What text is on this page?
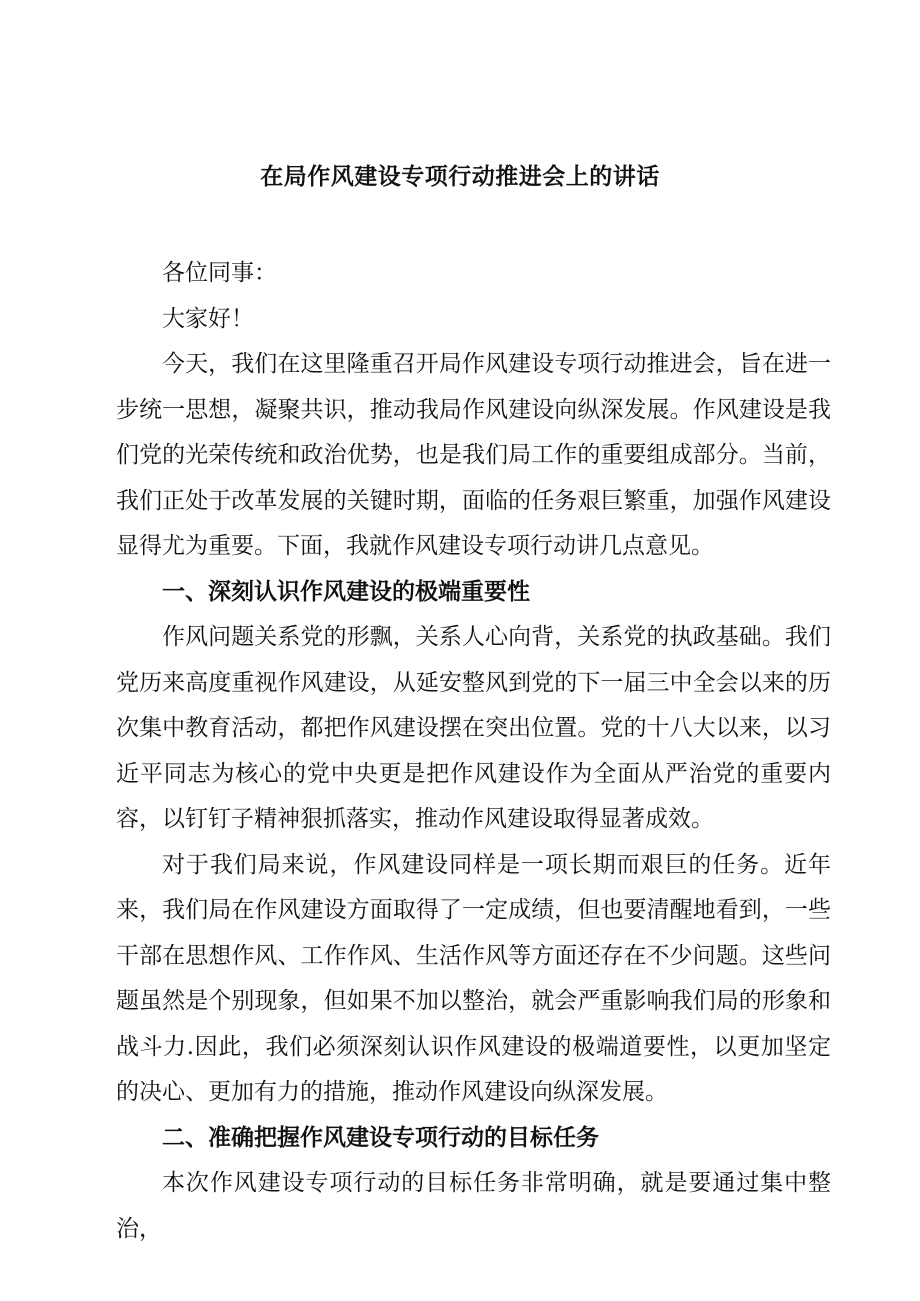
在局作风建设专项行动推进会上的讲话

各位同事：

大家好！

今天，我们在这里隆重召开局作风建设专项行动推进会，旨在进一步统一思想，凝聚共识，推动我局作风建设向纵深发展。作风建设是我们党的光荣传统和政治优势，也是我们局工作的重要组成部分。当前，我们正处于改革发展的关键时期，面临的任务艰巨繁重，加强作风建设显得尤为重要。下面，我就作风建设专项行动讲几点意见。

一、深刻认识作风建设的极端重要性

作风问题关系党的形飘，关系人心向背，关系党的执政基础。我们党历来高度重视作风建设，从延安整风到党的下一届三中全会以来的历次集中教育活动，都把作风建设摆在突出位置。党的十八大以来，以习近平同志为核心的党中央更是把作风建设作为全面从严治党的重要内容，以钉钉子精神狠抓落实，推动作风建设取得显著成效。

对于我们局来说，作风建设同样是一项长期而艰巨的任务。近年来，我们局在作风建设方面取得了一定成绩，但也要清醒地看到，一些干部在思想作风、工作作风、生活作风等方面还存在不少问题。这些问题虽然是个别现象，但如果不加以整治，就会严重影响我们局的形象和战斗力.因此，我们必须深刻认识作风建设的极端道要性，以更加坚定的决心、更加有力的措施，推动作风建设向纵深发展。

二、准确把握作风建设专项行动的目标任务

本次作风建设专项行动的目标任务非常明确，就是要通过集中整治，
